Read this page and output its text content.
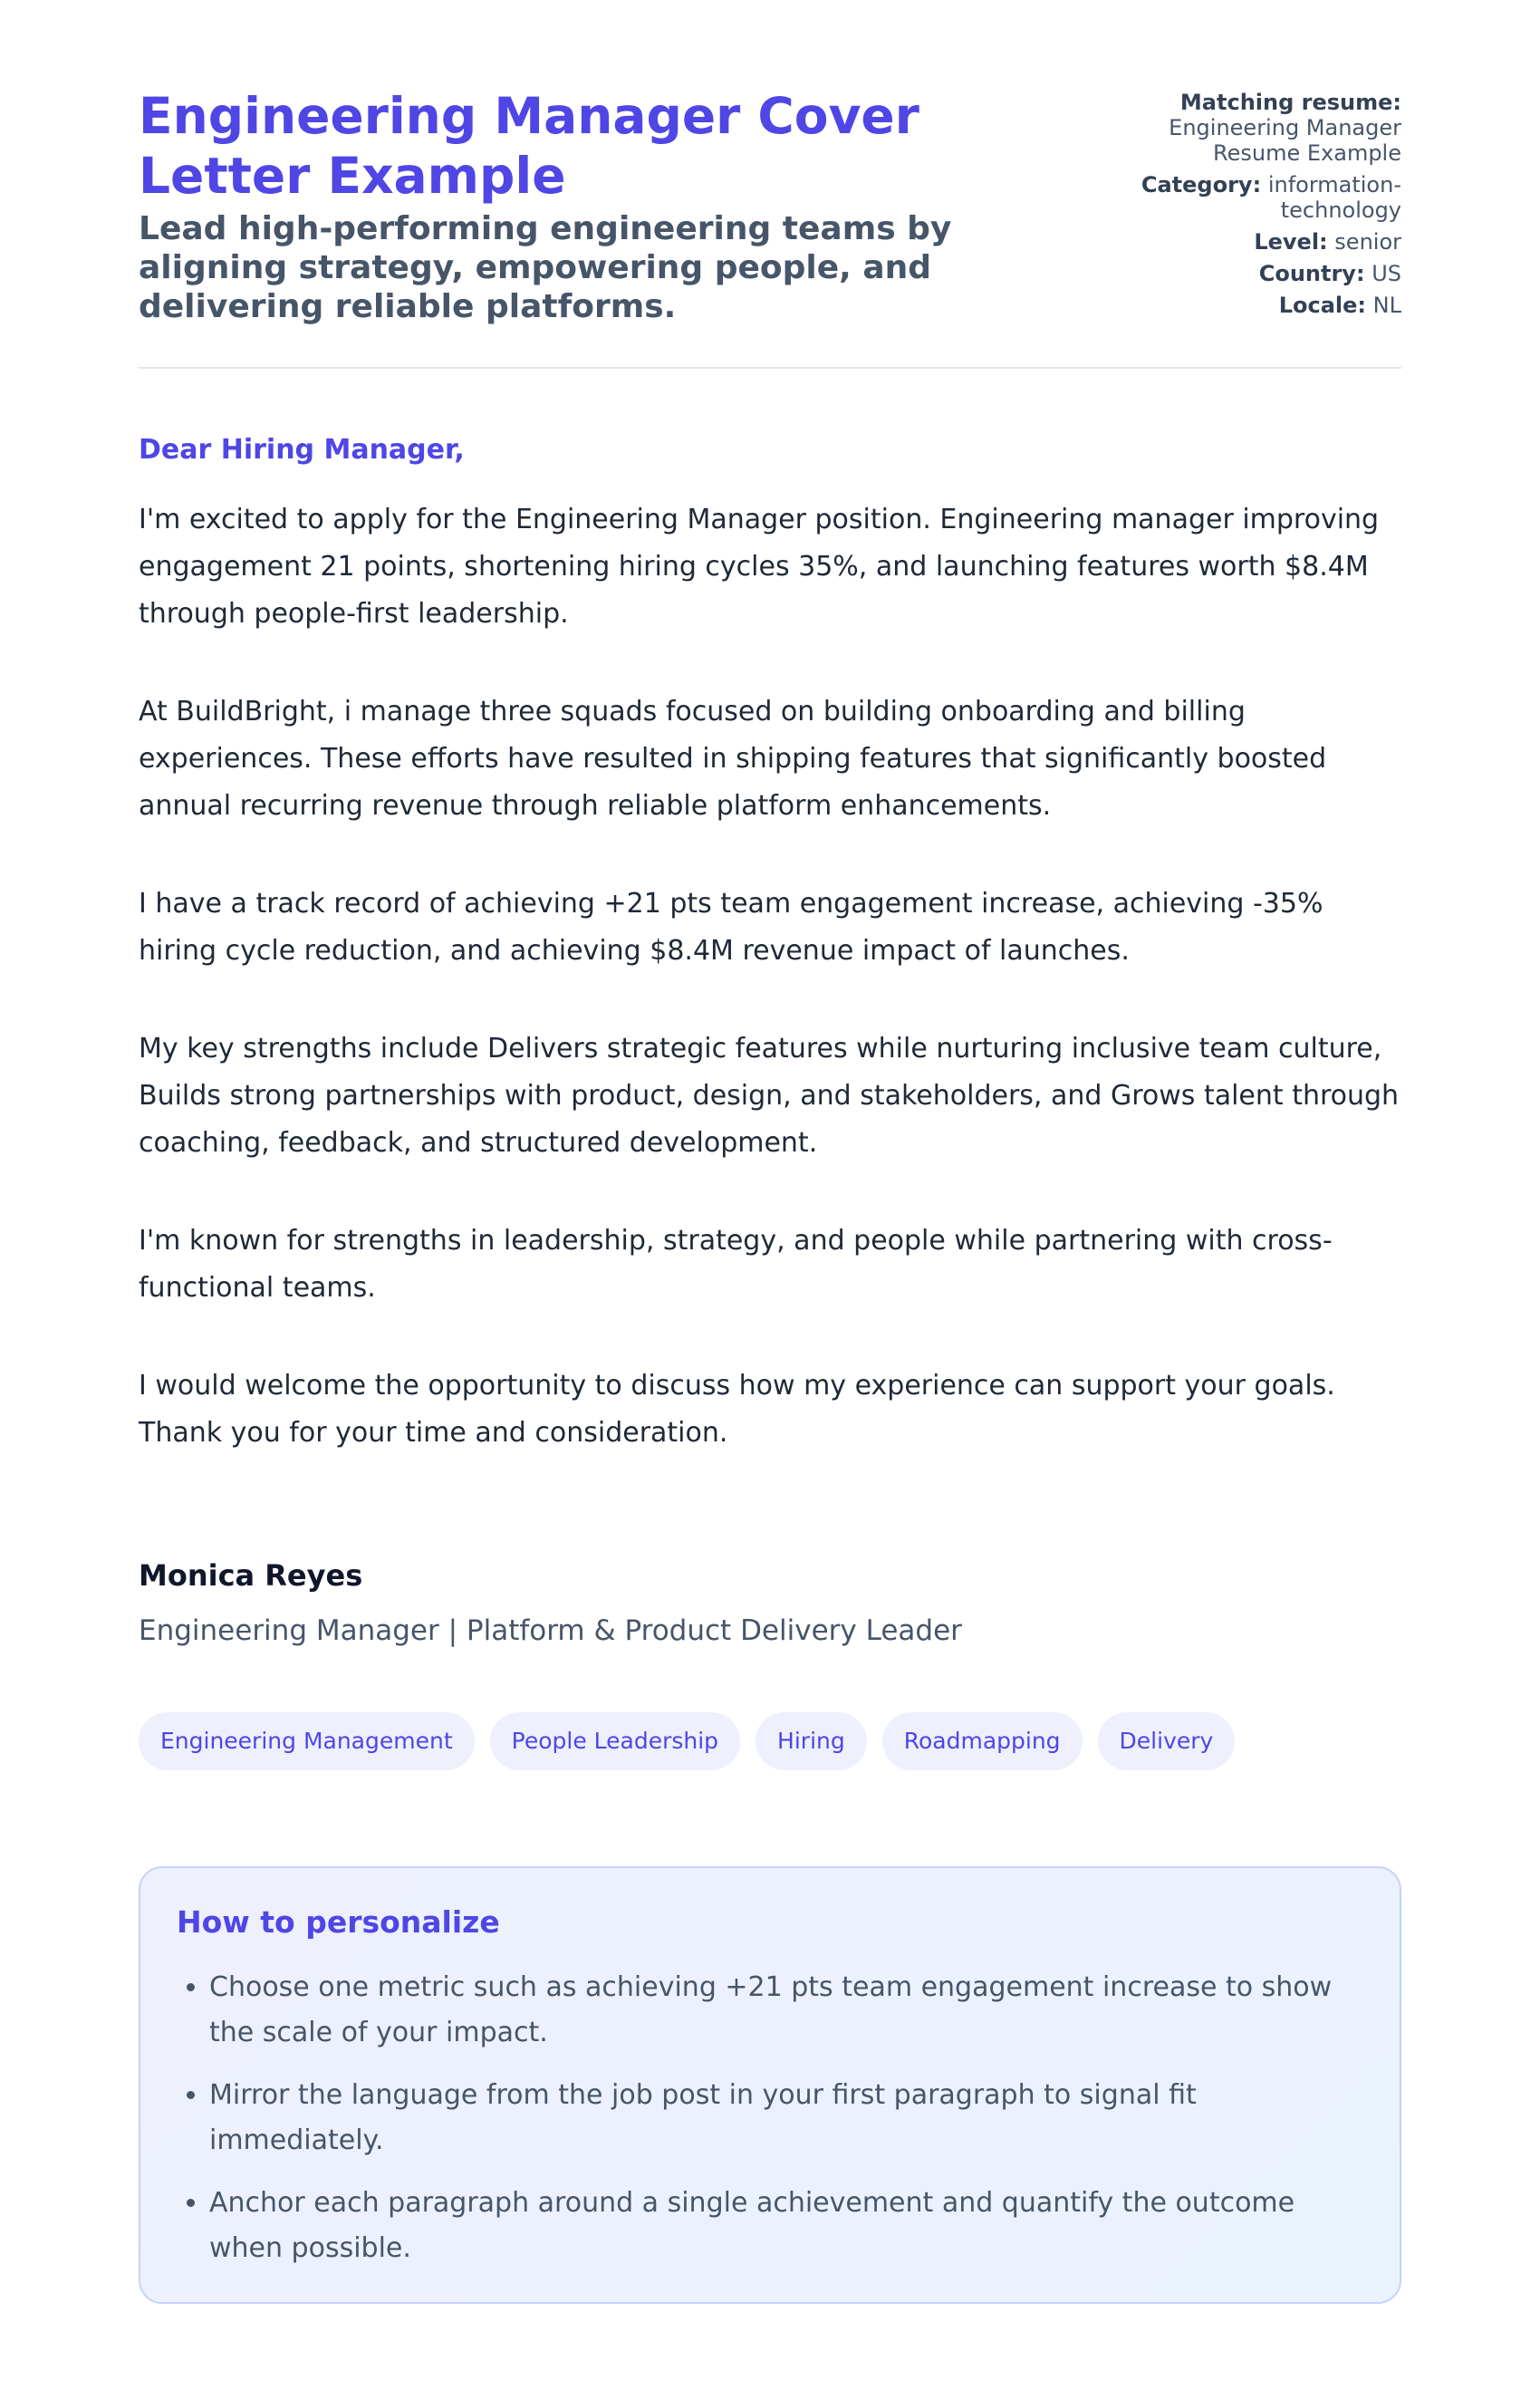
Engineering Manager Cover Letter Example
Lead high-performing engineering teams by aligning strategy, empowering people, and delivering reliable platforms.
Matching resume:
Engineering Manager Resume Example
Category: information-technology
Level: senior
Country: US
Locale: NL

Dear Hiring Manager,

I'm excited to apply for the Engineering Manager position. Engineering manager improving engagement 21 points, shortening hiring cycles 35%, and launching features worth $8.4M through people-first leadership.

At BuildBright, i manage three squads focused on building onboarding and billing experiences. These efforts have resulted in shipping features that significantly boosted annual recurring revenue through reliable platform enhancements.

I have a track record of achieving +21 pts team engagement increase, achieving -35% hiring cycle reduction, and achieving $8.4M revenue impact of launches.

My key strengths include Delivers strategic features while nurturing inclusive team culture, Builds strong partnerships with product, design, and stakeholders, and Grows talent through coaching, feedback, and structured development.

I'm known for strengths in leadership, strategy, and people while partnering with cross-functional teams.

I would welcome the opportunity to discuss how my experience can support your goals. Thank you for your time and consideration.

Monica Reyes

Engineering Manager | Platform & Product Delivery Leader

Engineering Management	People Leadership	Hiring	Roadmapping	Delivery
How to personalize
• Choose one metric such as achieving +21 pts team engagement increase to show the scale of your impact.
• Mirror the language from the job post in your first paragraph to signal fit immediately.
• Anchor each paragraph around a single achievement and quantify the outcome when possible.
